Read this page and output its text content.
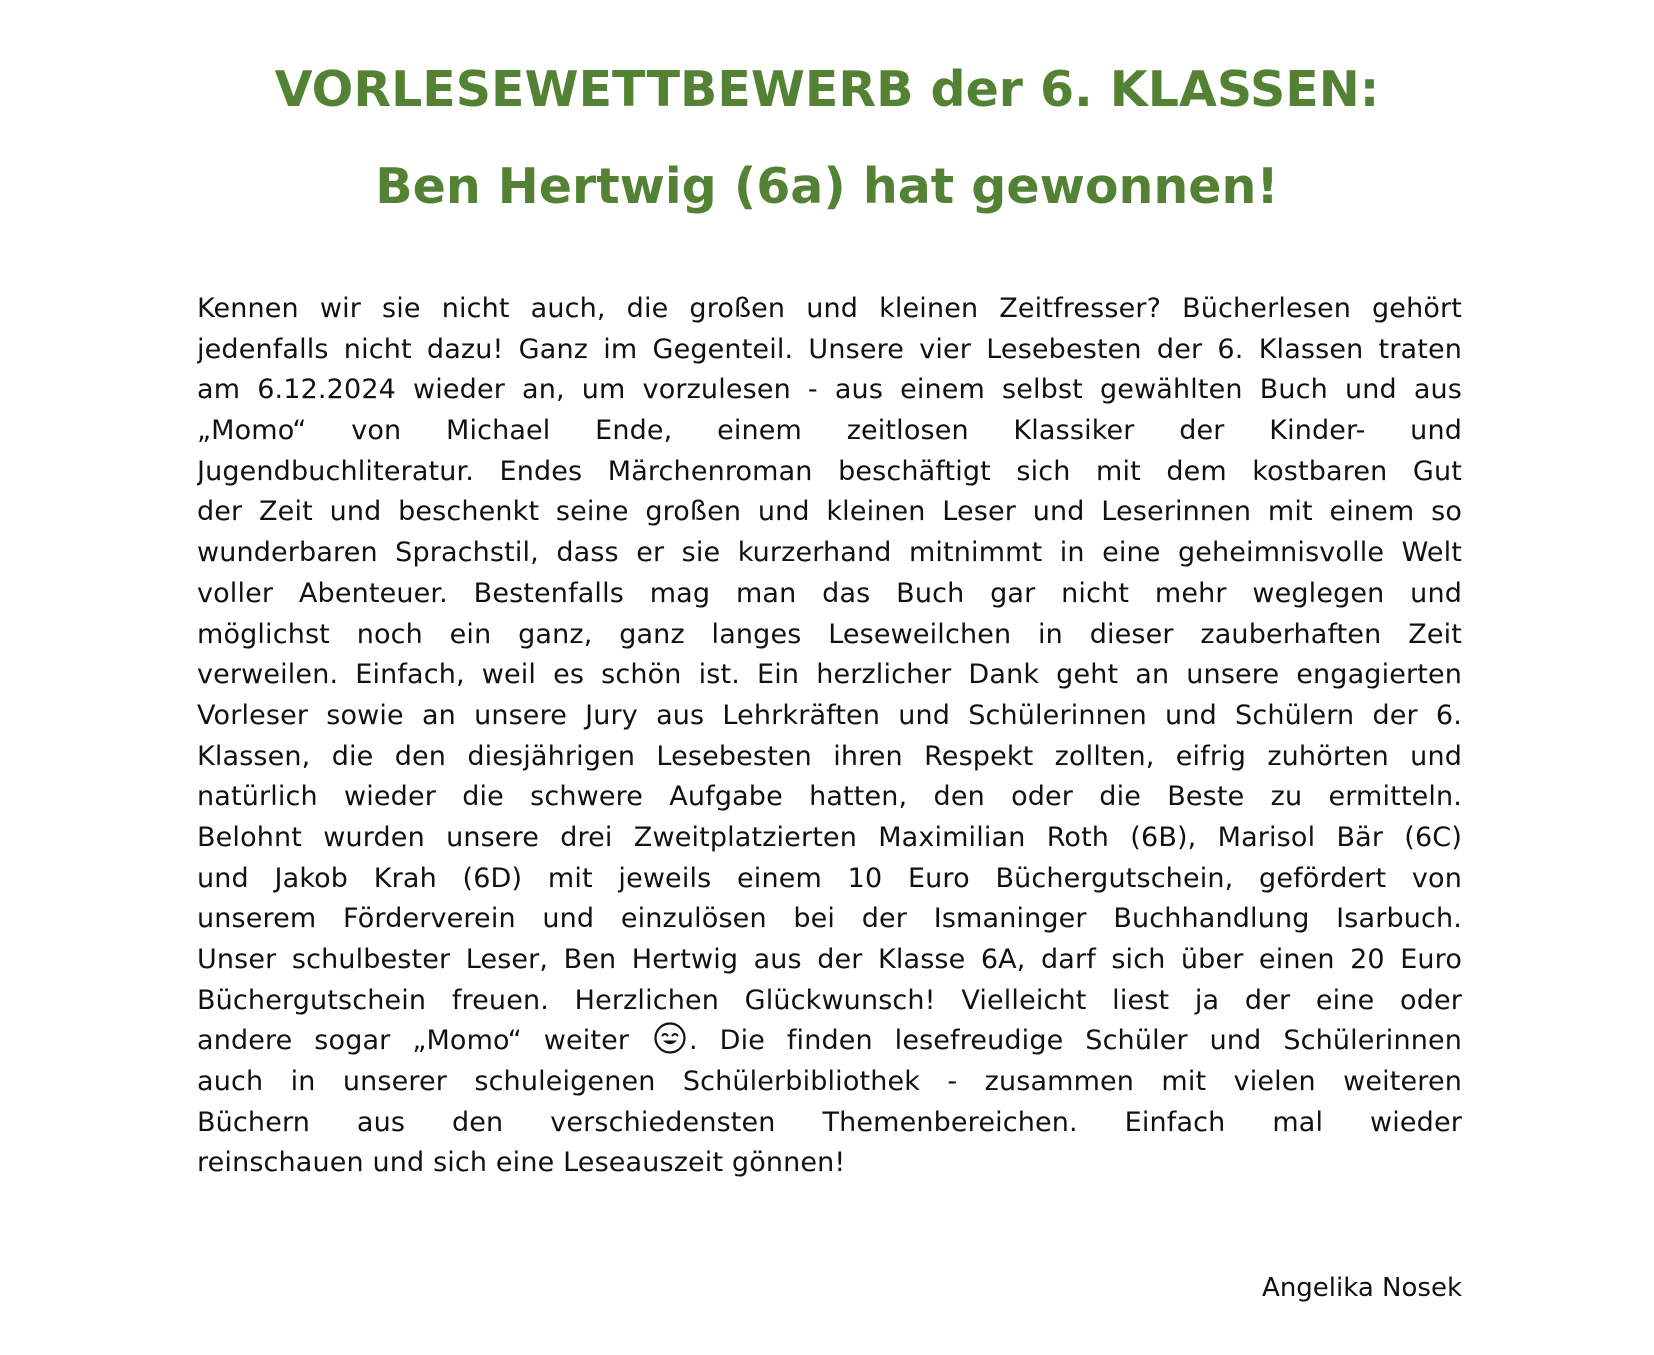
VORLESEWETTBEWERB der 6. KLASSEN:
Ben Hertwig (6a) hat gewonnen!
Kennen wir sie nicht auch, die großen und kleinen Zeitfresser? Bücherlesen gehört
jedenfalls nicht dazu! Ganz im Gegenteil. Unsere vier Lesebesten der 6. Klassen traten
am 6.12.2024 wieder an, um vorzulesen - aus einem selbst gewählten Buch und aus
„Momo“ von Michael Ende, einem zeitlosen Klassiker der Kinder- und
Jugendbuchliteratur. Endes Märchenroman beschäftigt sich mit dem kostbaren Gut
der Zeit und beschenkt seine großen und kleinen Leser und Leserinnen mit einem so
wunderbaren Sprachstil, dass er sie kurzerhand mitnimmt in eine geheimnisvolle Welt
voller Abenteuer. Bestenfalls mag man das Buch gar nicht mehr weglegen und
möglichst noch ein ganz, ganz langes Leseweilchen in dieser zauberhaften Zeit
verweilen. Einfach, weil es schön ist. Ein herzlicher Dank geht an unsere engagierten
Vorleser sowie an unsere Jury aus Lehrkräften und Schülerinnen und Schülern der 6.
Klassen, die den diesjährigen Lesebesten ihren Respekt zollten, eifrig zuhörten und
natürlich wieder die schwere Aufgabe hatten, den oder die Beste zu ermitteln.
Belohnt wurden unsere drei Zweitplatzierten Maximilian Roth (6B), Marisol Bär (6C)
und Jakob Krah (6D) mit jeweils einem 10 Euro Büchergutschein, gefördert von
unserem Förderverein und einzulösen bei der Ismaninger Buchhandlung Isarbuch.
Unser schulbester Leser, Ben Hertwig aus der Klasse 6A, darf sich über einen 20 Euro
Büchergutschein freuen. Herzlichen Glückwunsch! Vielleicht liest ja der eine oder
andere sogar „Momo“ weiter . Die finden lesefreudige Schüler und Schülerinnen
auch in unserer schuleigenen Schülerbibliothek - zusammen mit vielen weiteren
Büchern aus den verschiedensten Themenbereichen. Einfach mal wieder
reinschauen und sich eine Leseauszeit gönnen!

Angelika Nosek
